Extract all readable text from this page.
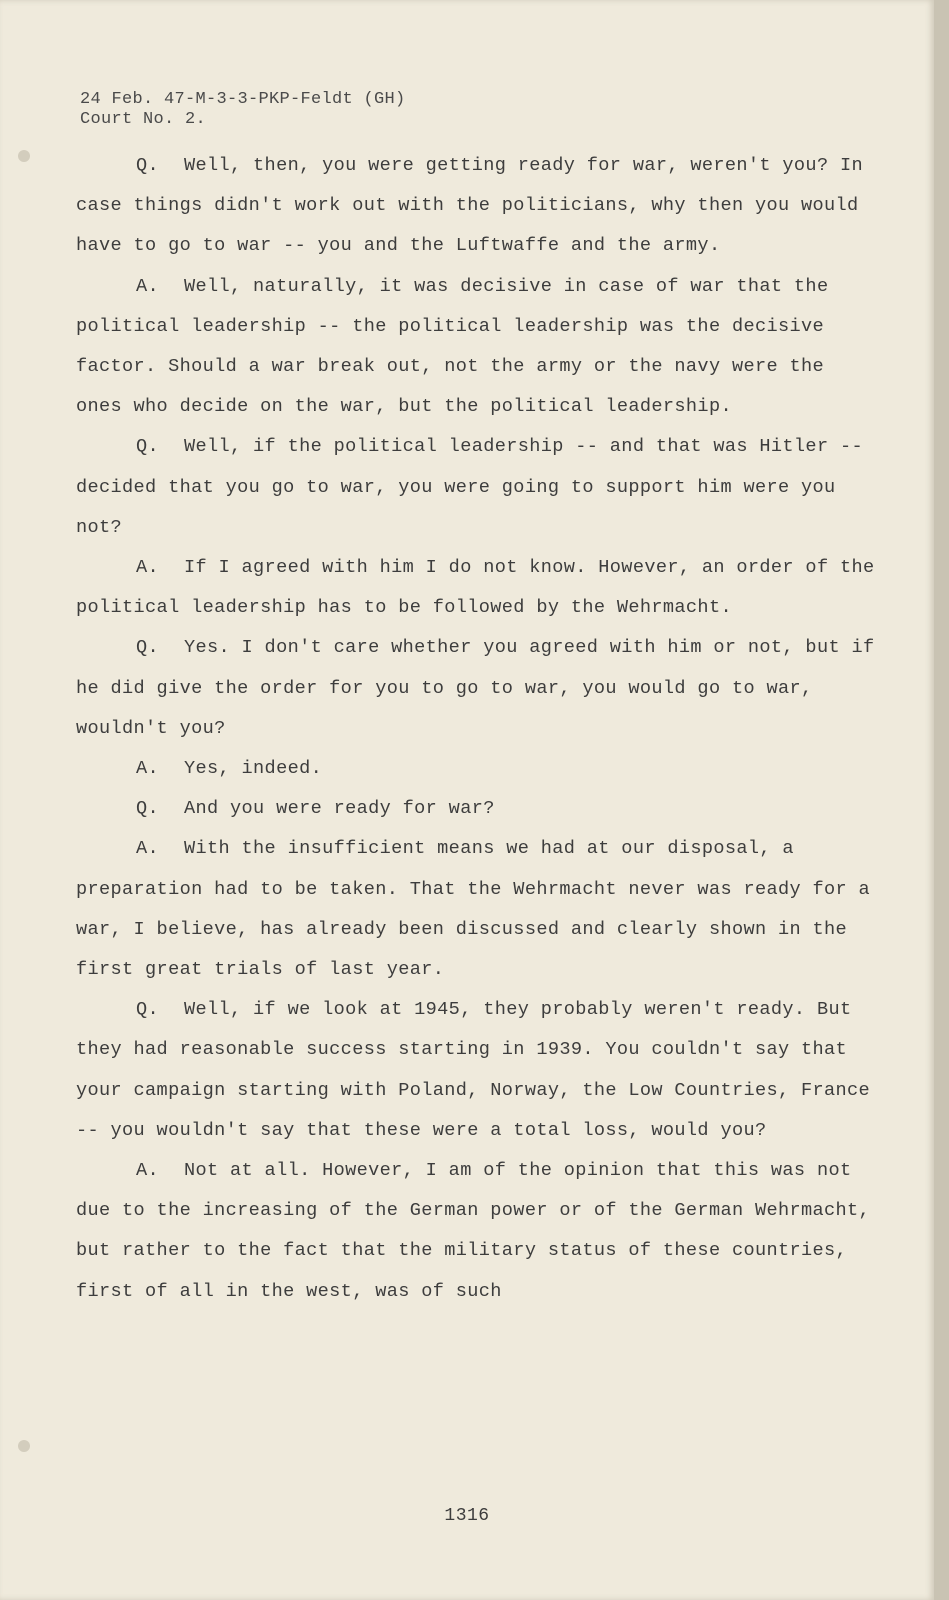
24 Feb. 47-M-3-3-PKP-Feldt (GH)
Court No. 2.

Q. Well, then, you were getting ready for war, weren't you? In case things didn't work out with the politicians, why then you would have to go to war -- you and the Luftwaffe and the army.

A. Well, naturally, it was decisive in case of war that the political leadership -- the political leadership was the decisive factor. Should a war break out, not the army or the navy were the ones who decide on the war, but the political leadership.

Q. Well, if the political leadership -- and that was Hitler -- decided that you go to war, you were going to support him were you not?

A. If I agreed with him I do not know. However, an order of the political leadership has to be followed by the Wehrmacht.

Q. Yes. I don't care whether you agreed with him or not, but if he did give the order for you to go to war, you would go to war, wouldn't you?

A. Yes, indeed.

Q. And you were ready for war?

A. With the insufficient means we had at our disposal, a preparation had to be taken. That the Wehrmacht never was ready for a war, I believe, has already been discussed and clearly shown in the first great trials of last year.

Q. Well, if we look at 1945, they probably weren't ready. But they had reasonable success starting in 1939. You couldn't say that your campaign starting with Poland, Norway, the Low Countries, France -- you wouldn't say that these were a total loss, would you?

A. Not at all. However, I am of the opinion that this was not due to the increasing of the German power or of the German Wehrmacht, but rather to the fact that the military status of these countries, first of all in the west, was of such

1316
